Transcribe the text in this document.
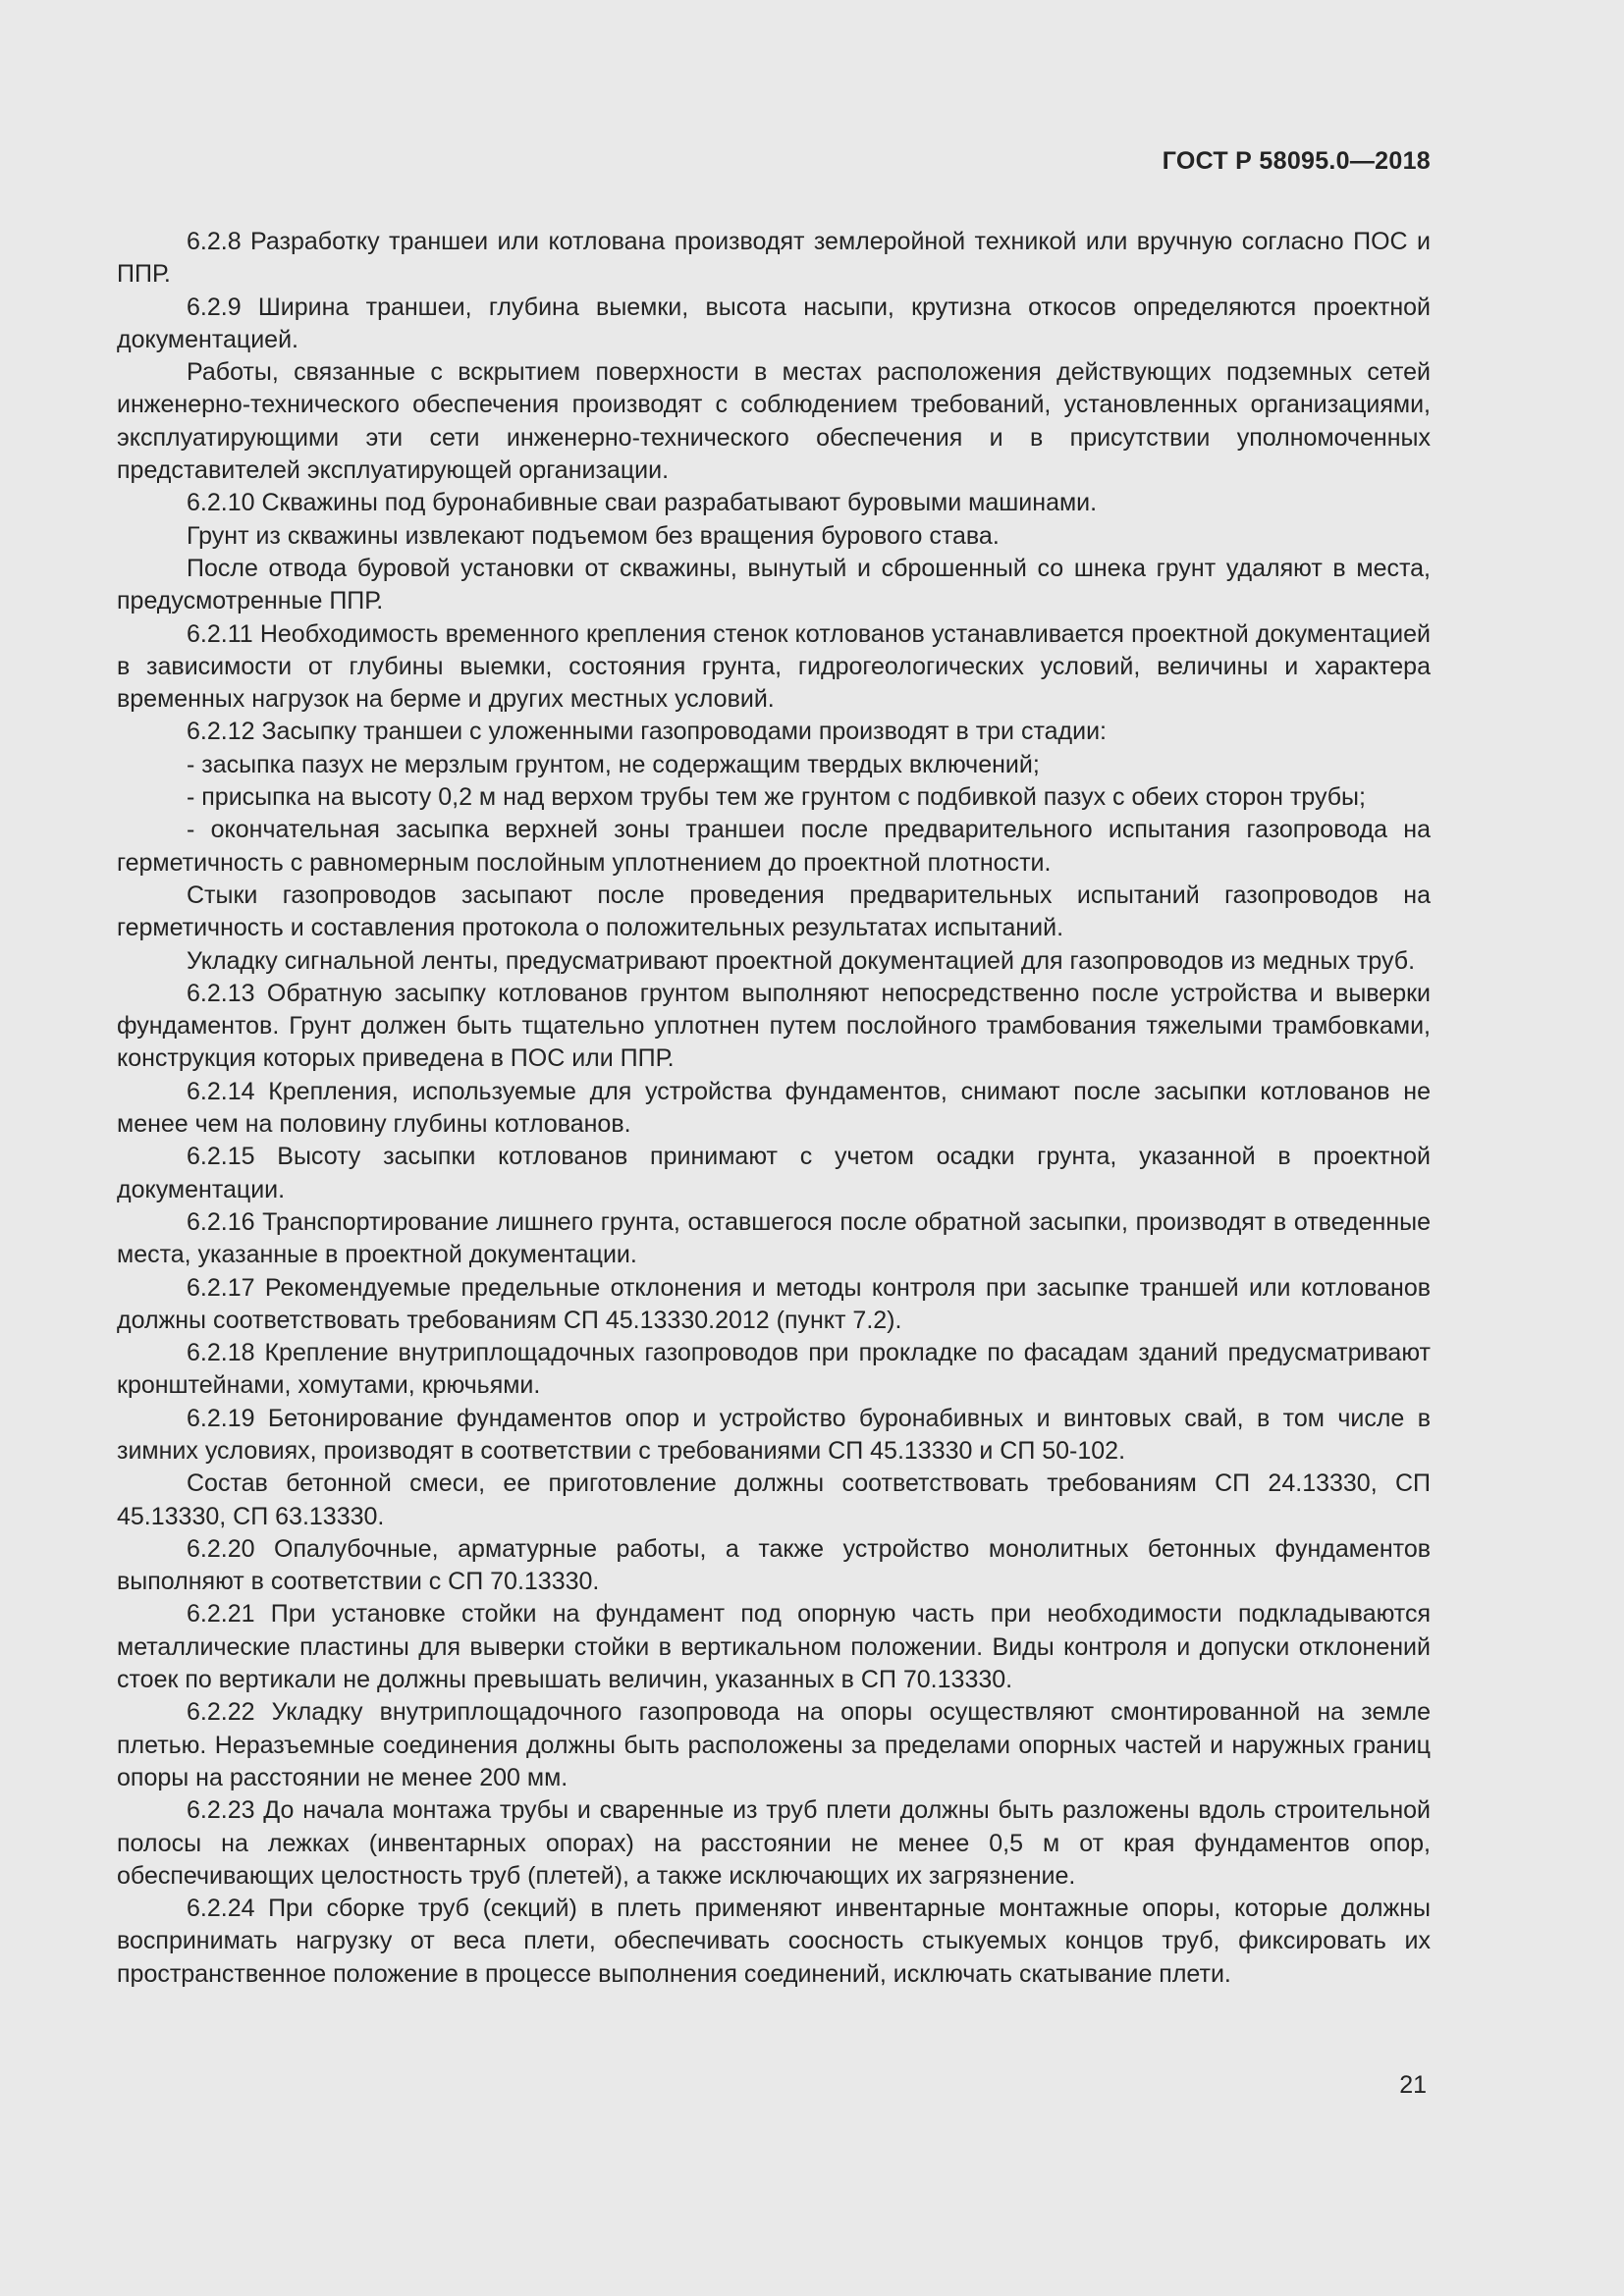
ГОСТ Р 58095.0—2018

6.2.8 Разработку траншеи или котлована производят землеройной техникой или вручную согласно ПОС и ППР.

6.2.9 Ширина траншеи, глубина выемки, высота насыпи, крутизна откосов определяются проектной документацией.

Работы, связанные с вскрытием поверхности в местах расположения действующих подземных сетей инженерно-технического обеспечения производят с соблюдением требований, установленных организациями, эксплуатирующими эти сети инженерно-технического обеспечения и в присутствии уполномоченных представителей эксплуатирующей организации.

6.2.10 Скважины под буронабивные сваи разрабатывают буровыми машинами.

Грунт из скважины извлекают подъемом без вращения бурового става.

После отвода буровой установки от скважины, вынутый и сброшенный со шнека грунт удаляют в места, предусмотренные ППР.

6.2.11 Необходимость временного крепления стенок котлованов устанавливается проектной документацией в зависимости от глубины выемки, состояния грунта, гидрогеологических условий, величины и характера временных нагрузок на берме и других местных условий.

6.2.12 Засыпку траншеи с уложенными газопроводами производят в три стадии:

- засыпка пазух не мерзлым грунтом, не содержащим твердых включений;

- присыпка на высоту 0,2 м над верхом трубы тем же грунтом с подбивкой пазух с обеих сторон трубы;

- окончательная засыпка верхней зоны траншеи после предварительного испытания газопровода на герметичность с равномерным послойным уплотнением до проектной плотности.

Стыки газопроводов засыпают после проведения предварительных испытаний газопроводов на герметичность и составления протокола о положительных результатах испытаний.

Укладку сигнальной ленты, предусматривают проектной документацией для газопроводов из медных труб.

6.2.13 Обратную засыпку котлованов грунтом выполняют непосредственно после устройства и выверки фундаментов. Грунт должен быть тщательно уплотнен путем послойного трамбования тяжелыми трамбовками, конструкция которых приведена в ПОС или ППР.

6.2.14 Крепления, используемые для устройства фундаментов, снимают после засыпки котлованов не менее чем на половину глубины котлованов.

6.2.15 Высоту засыпки котлованов принимают с учетом осадки грунта, указанной в проектной документации.

6.2.16 Транспортирование лишнего грунта, оставшегося после обратной засыпки, производят в отведенные места, указанные в проектной документации.

6.2.17 Рекомендуемые предельные отклонения и методы контроля при засыпке траншей или котлованов должны соответствовать требованиям СП 45.13330.2012 (пункт 7.2).

6.2.18 Крепление внутриплощадочных газопроводов при прокладке по фасадам зданий предусматривают кронштейнами, хомутами, крючьями.

6.2.19 Бетонирование фундаментов опор и устройство буронабивных и винтовых свай, в том числе в зимних условиях, производят в соответствии с требованиями СП 45.13330 и СП 50-102.

Состав бетонной смеси, ее приготовление должны соответствовать требованиям СП 24.13330, СП 45.13330, СП 63.13330.

6.2.20 Опалубочные, арматурные работы, а также устройство монолитных бетонных фундаментов выполняют в соответствии с СП 70.13330.

6.2.21 При установке стойки на фундамент под опорную часть при необходимости подкладываются металлические пластины для выверки стойки в вертикальном положении. Виды контроля и допуски отклонений стоек по вертикали не должны превышать величин, указанных в СП 70.13330.

6.2.22 Укладку внутриплощадочного газопровода на опоры осуществляют смонтированной на земле плетью. Неразъемные соединения должны быть расположены за пределами опорных частей и наружных границ опоры на расстоянии не менее 200 мм.

6.2.23 До начала монтажа трубы и сваренные из труб плети должны быть разложены вдоль строительной полосы на лежках (инвентарных опорах) на расстоянии не менее 0,5 м от края фундаментов опор, обеспечивающих целостность труб (плетей), а также исключающих их загрязнение.

6.2.24 При сборке труб (секций) в плеть применяют инвентарные монтажные опоры, которые должны воспринимать нагрузку от веса плети, обеспечивать соосность стыкуемых концов труб, фиксировать их пространственное положение в процессе выполнения соединений, исключать скатывание плети.

21
